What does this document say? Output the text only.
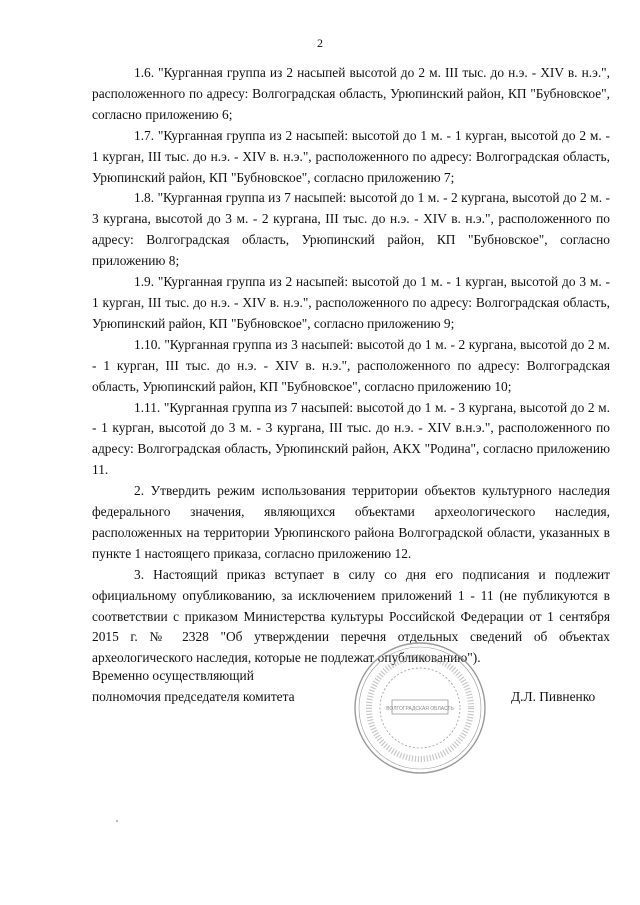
2

1.6. "Курганная группа из 2 насыпей высотой до 2 м. III тыс. до н.э. - XIV в. н.э.", расположенного по адресу: Волгоградская область, Урюпинский район, КП "Бубновское", согласно приложению 6;

1.7. "Курганная группа из 2 насыпей: высотой до 1 м. - 1 курган, высотой до 2 м. - 1 курган, III тыс. до н.э. - XIV в. н.э.", расположенного по адресу: Волгоградская область, Урюпинский район, КП "Бубновское", согласно приложению 7;

1.8. "Курганная группа из 7 насыпей: высотой до 1 м. - 2 кургана, высотой до 2 м. - 3 кургана, высотой до 3 м. - 2 кургана, III тыс. до н.э. - XIV в. н.э.", расположенного по адресу: Волгоградская область, Урюпинский район, КП "Бубновское", согласно приложению 8;

1.9. "Курганная группа из 2 насыпей: высотой до 1 м. - 1 курган, высотой до 3 м. - 1 курган, III тыс. до н.э. - XIV в. н.э.", расположенного по адресу: Волгоградская область, Урюпинский район, КП "Бубновское", согласно приложению 9;

1.10. "Курганная группа из 3 насыпей: высотой до 1 м. - 2 кургана, высотой до 2 м. - 1 курган, III тыс. до н.э. - XIV в. н.э.", расположенного по адресу: Волгоградская область, Урюпинский район, КП "Бубновское", согласно приложению 10;

1.11. "Курганная группа из 7 насыпей: высотой до 1 м. - 3 кургана, высотой до 2 м. - 1 курган, высотой до 3 м. - 3 кургана, III тыс. до н.э. - XIV в.н.э.", расположенного по адресу: Волгоградская область, Урюпинский район, АКХ "Родина", согласно приложению 11.

2. Утвердить режим использования территории объектов культурного наследия федерального значения, являющихся объектами археологического наследия, расположенных на территории Урюпинского района Волгоградской области, указанных в пункте 1 настоящего приказа, согласно приложению 12.

3. Настоящий приказ вступает в силу со дня его подписания и подлежит официальному опубликованию, за исключением приложений 1 - 11 (не публикуются в соответствии с приказом Министерства культуры Российской Федерации от 1 сентября 2015 г. № 2328 "Об утверждении перечня отдельных сведений об объектах археологического наследия, которые не подлежат опубликованию").

Временно осуществляющий
полномочия председателя комитета
ВОЛГОГРАДСКАЯ ОБЛАСТЬ
Д.Л. Пивненко
